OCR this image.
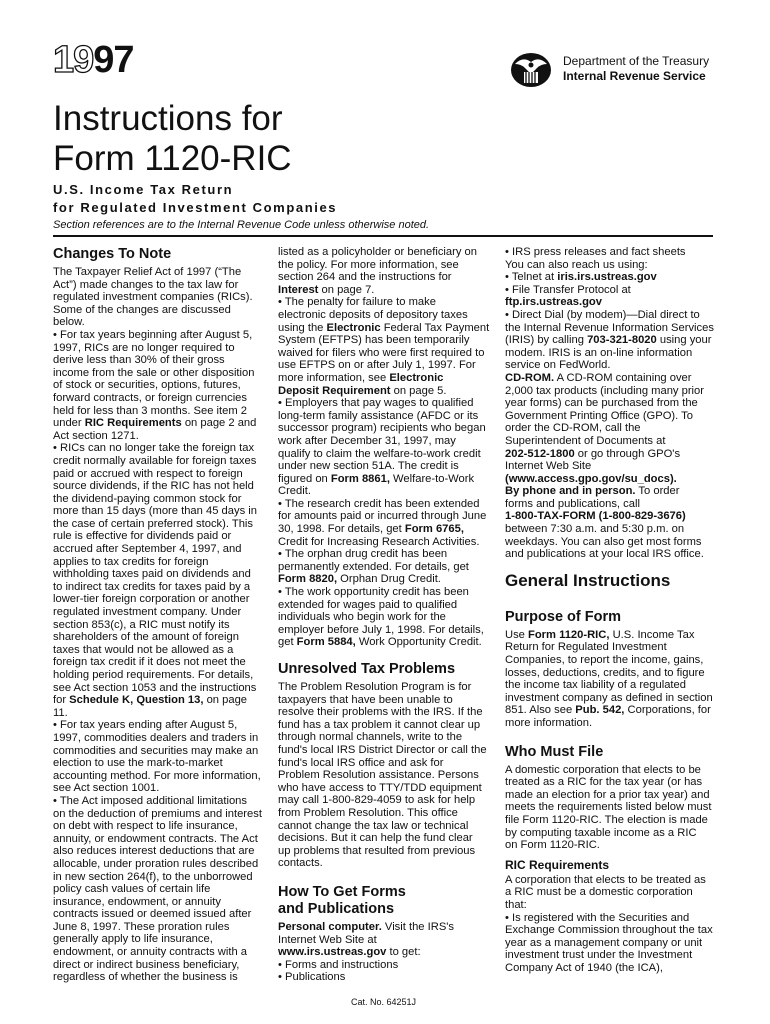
1997	Department of the Treasury
Internal Revenue Service
Instructions for
Form 1120-RIC
U.S. Income Tax Return
for Regulated Investment Companies
Section references are to the Internal Revenue Code unless otherwise noted.
Changes To Note

The Taxpayer Relief Act of 1997 (“The

Act”) made changes to the tax law for

regulated investment companies (RICs).

Some of the changes are discussed

below.

• For tax years beginning after August 5,

1997, RICs are no longer required to

derive less than 30% of their gross

income from the sale or other disposition

of stock or securities, options, futures,

forward contracts, or foreign currencies

held for less than 3 months. See item 2

under RIC Requirements on page 2 and

Act section 1271.

• RICs can no longer take the foreign tax

credit normally available for foreign taxes

paid or accrued with respect to foreign

source dividends, if the RIC has not held

the dividend-paying common stock for

more than 15 days (more than 45 days in

the case of certain preferred stock). This

rule is effective for dividends paid or

accrued after September 4, 1997, and

applies to tax credits for foreign

withholding taxes paid on dividends and

to indirect tax credits for taxes paid by a

lower-tier foreign corporation or another

regulated investment company. Under

section 853(c), a RIC must notify its

shareholders of the amount of foreign

taxes that would not be allowed as a

foreign tax credit if it does not meet the

holding period requirements. For details,

see Act section 1053 and the instructions

for Schedule K, Question 13, on page

11.

• For tax years ending after August 5,

1997, commodities dealers and traders in

commodities and securities may make an

election to use the mark-to-market

accounting method. For more information,

see Act section 1001.

• The Act imposed additional limitations

on the deduction of premiums and interest

on debt with respect to life insurance,

annuity, or endowment contracts. The Act

also reduces interest deductions that are

allocable, under proration rules described

in new section 264(f), to the unborrowed

policy cash values of certain life

insurance, endowment, or annuity

contracts issued or deemed issued after

June 8, 1997. These proration rules

generally apply to life insurance,

endowment, or annuity contracts with a

direct or indirect business beneficiary,

regardless of whether the business is

listed as a policyholder or beneficiary on

the policy. For more information, see

section 264 and the instructions for

Interest on page 7.

• The penalty for failure to make

electronic deposits of depository taxes

using the Electronic Federal Tax Payment

System (EFTPS) has been temporarily

waived for filers who were first required to

use EFTPS on or after July 1, 1997. For

more information, see Electronic

Deposit Requirement on page 5.

• Employers that pay wages to qualified

long-term family assistance (AFDC or its

successor program) recipients who began

work after December 31, 1997, may

qualify to claim the welfare-to-work credit

under new section 51A. The credit is

figured on Form 8861, Welfare-to-Work

Credit.

• The research credit has been extended

for amounts paid or incurred through June

30, 1998. For details, get Form 6765,

Credit for Increasing Research Activities.

• The orphan drug credit has been

permanently extended. For details, get

Form 8820, Orphan Drug Credit.

• The work opportunity credit has been

extended for wages paid to qualified

individuals who begin work for the

employer before July 1, 1998. For details,

get Form 5884, Work Opportunity Credit.

Unresolved Tax Problems

The Problem Resolution Program is for

taxpayers that have been unable to

resolve their problems with the IRS. If the

fund has a tax problem it cannot clear up

through normal channels, write to the

fund's local IRS District Director or call the

fund's local IRS office and ask for

Problem Resolution assistance. Persons

who have access to TTY/TDD equipment

may call 1-800-829-4059 to ask for help

from Problem Resolution. This office

cannot change the tax law or technical

decisions. But it can help the fund clear

up problems that resulted from previous

contacts.

How To Get Forms
and Publications

Personal computer. Visit the IRS's

Internet Web Site at

www.irs.ustreas.gov to get:

• Forms and instructions

• Publications

• IRS press releases and fact sheets

You can also reach us using:

• Telnet at iris.irs.ustreas.gov

• File Transfer Protocol at

ftp.irs.ustreas.gov

• Direct Dial (by modem)—Dial direct to

the Internal Revenue Information Services

(IRIS) by calling 703-321-8020 using your

modem. IRIS is an on-line information

service on FedWorld.

CD-ROM. A CD-ROM containing over

2,000 tax products (including many prior

year forms) can be purchased from the

Government Printing Office (GPO). To

order the CD-ROM, call the

Superintendent of Documents at

202-512-1800 or go through GPO's

Internet Web Site

(www.access.gpo.gov/su_docs).

By phone and in person. To order

forms and publications, call

1-800-TAX-FORM (1-800-829-3676)

between 7:30 a.m. and 5:30 p.m. on

weekdays. You can also get most forms

and publications at your local IRS office.

General Instructions
Purpose of Form

Use Form 1120-RIC, U.S. Income Tax

Return for Regulated Investment

Companies, to report the income, gains,

losses, deductions, credits, and to figure

the income tax liability of a regulated

investment company as defined in section

851. Also see Pub. 542, Corporations, for

more information.

Who Must File

A domestic corporation that elects to be

treated as a RIC for the tax year (or has

made an election for a prior tax year) and

meets the requirements listed below must

file Form 1120-RIC. The election is made

by computing taxable income as a RIC

on Form 1120-RIC.

RIC Requirements

A corporation that elects to be treated as

a RIC must be a domestic corporation

that:

• Is registered with the Securities and

Exchange Commission throughout the tax

year as a management company or unit

investment trust under the Investment

Company Act of 1940 (the ICA),

Cat. No. 64251J
